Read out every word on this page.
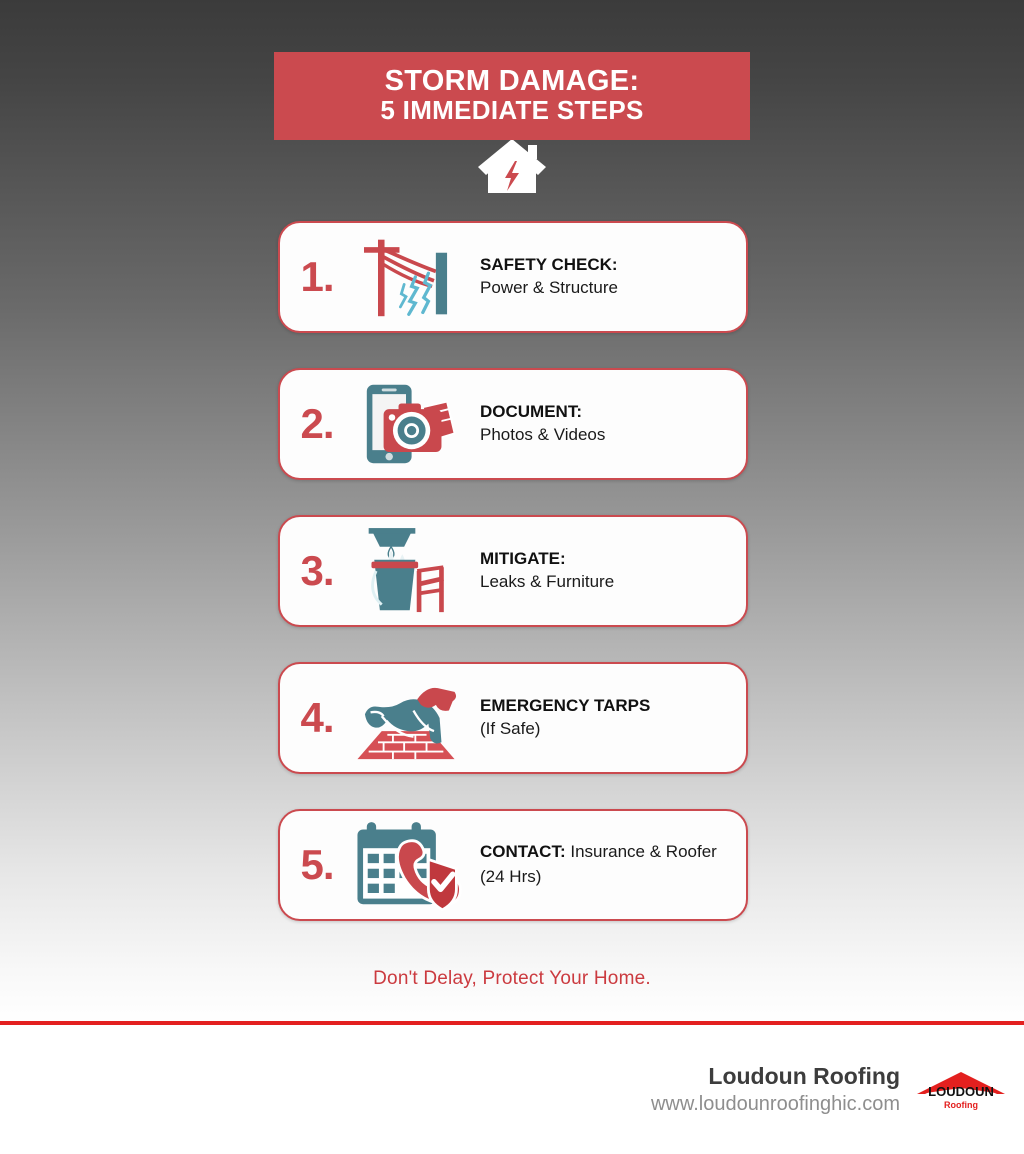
STORM DAMAGE:
5 IMMEDIATE STEPS
1.	SAFETY CHECK:
Power & Structure
2.	DOCUMENT:
Photos & Videos
3.	MITIGATE:
Leaks & Furniture
4.	EMERGENCY TARPS
(If Safe)
5.	CONTACT: Insurance & Roofer (24 Hrs)
Don't Delay, Protect Your Home.
Loudoun Roofing
www.loudounroofinghic.com
LOUDOUN
Roofing
